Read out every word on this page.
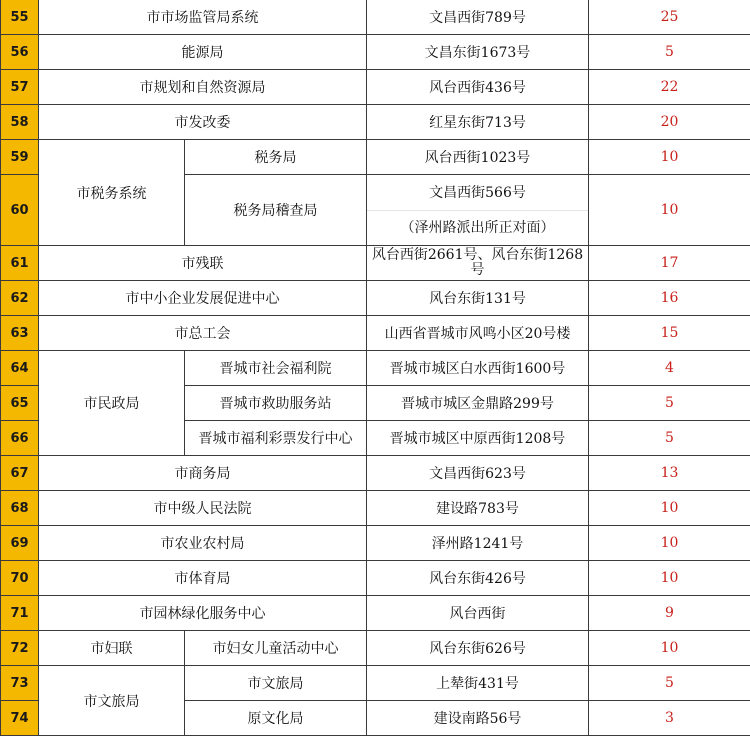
55	市市场监管局系统		文昌西街789号	25
56	能源局		文昌东街1673号	5
57	市规划和自然资源局		风台西街436号	22
58	市发改委		红星东街713号	20
59	市税务系统	税务局	风台西街1023号	10
60		税务局稽查局	文昌西街566号
（泽州路派出所正对面）	10
61	市残联		风台西街2661号、风台东街1268号	17
62	市中小企业发展促进中心		风台东街131号	16
63	市总工会		山西省晋城市风鸣小区20号楼	15
64	市民政局	晋城市社会福利院	晋城市城区白水西街1600号	4
65		晋城市救助服务站	晋城市城区金鼎路299号	5
66		晋城市福利彩票发行中心	晋城市城区中原西街1208号	5
67	市商务局		文昌西街623号	13
68	市中级人民法院		建设路783号	10
69	市农业农村局		泽州路1241号	10
70	市体育局		风台东街426号	10
71	市园林绿化服务中心		风台西街	9
72	市妇联	市妇女儿童活动中心	风台东街626号	10
73	市文旅局	市文旅局	上辇街431号	5
74		原文化局	建设南路56号	3
